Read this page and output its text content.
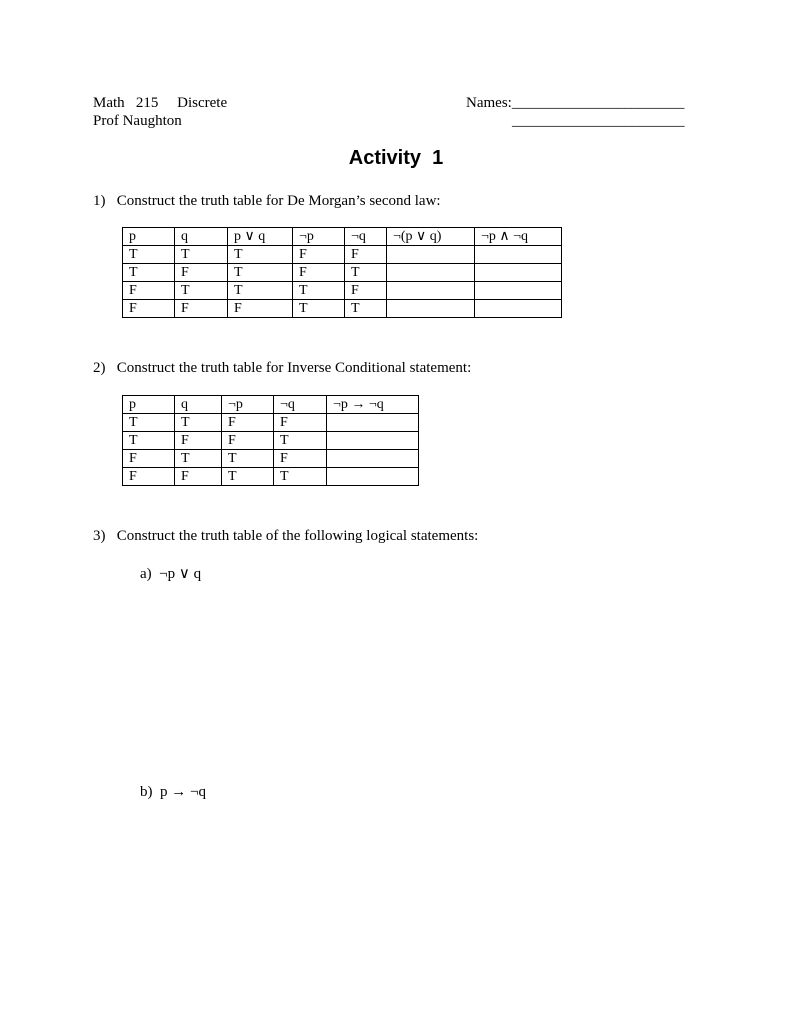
Math   215     Discrete
Prof Naughton
Names:_______________________
_______________________
Activity  1
1)   Construct the truth table for De Morgan’s second law:
p	q	p ∨ q	¬p	¬q	¬(p ∨ q)	¬p ∧ ¬q
T	T	T	F	F		
T	F	T	F	T		
F	T	T	T	F		
F	F	F	T	T		
2)   Construct the truth table for Inverse Conditional statement:
p	q	¬p	¬q	¬p → ¬q
T	T	F	F	
T	F	F	T	
F	T	T	F	
F	F	T	T	
3)   Construct the truth table of the following logical statements:
a)  ¬p ∨ q
b)  p → ¬q
